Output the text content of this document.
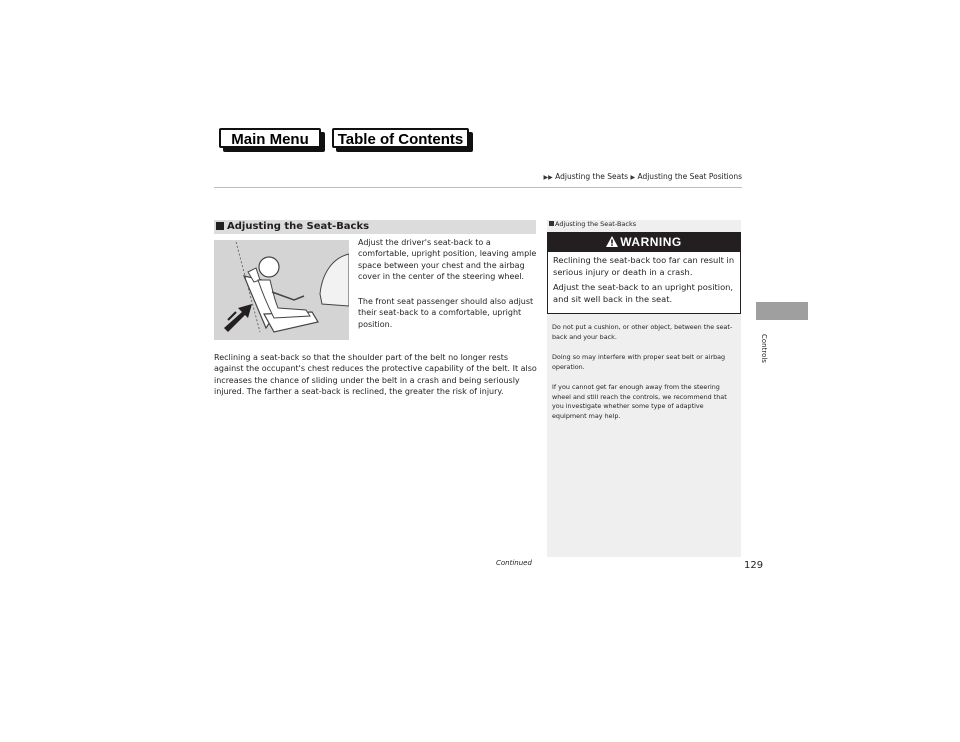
Main Menu	Table of Contents
▶▶ Adjusting the Seats ▶ Adjusting the Seat Positions
Adjusting the Seat-Backs

Adjust the driver's seat-back to a comfortable, upright position, leaving ample space between your chest and the airbag cover in the center of the steering wheel.

The front seat passenger should also adjust their seat-back to a comfortable, upright position.

Reclining a seat-back so that the shoulder part of the belt no longer rests against the occupant's chest reduces the protective capability of the belt. It also increases the chance of sliding under the belt in a crash and being seriously injured. The farther a seat-back is reclined, the greater the risk of injury.

Adjusting the Seat-Backs
WARNING

Reclining the seat-back too far can result in serious injury or death in a crash.

Adjust the seat-back to an upright position, and sit well back in the seat.

Do not put a cushion, or other object, between the seat-back and your back.

Doing so may interfere with proper seat belt or airbag operation.

If you cannot get far enough away from the steering wheel and still reach the controls, we recommend that you investigate whether some type of adaptive equipment may help.

Controls
Continued	129
